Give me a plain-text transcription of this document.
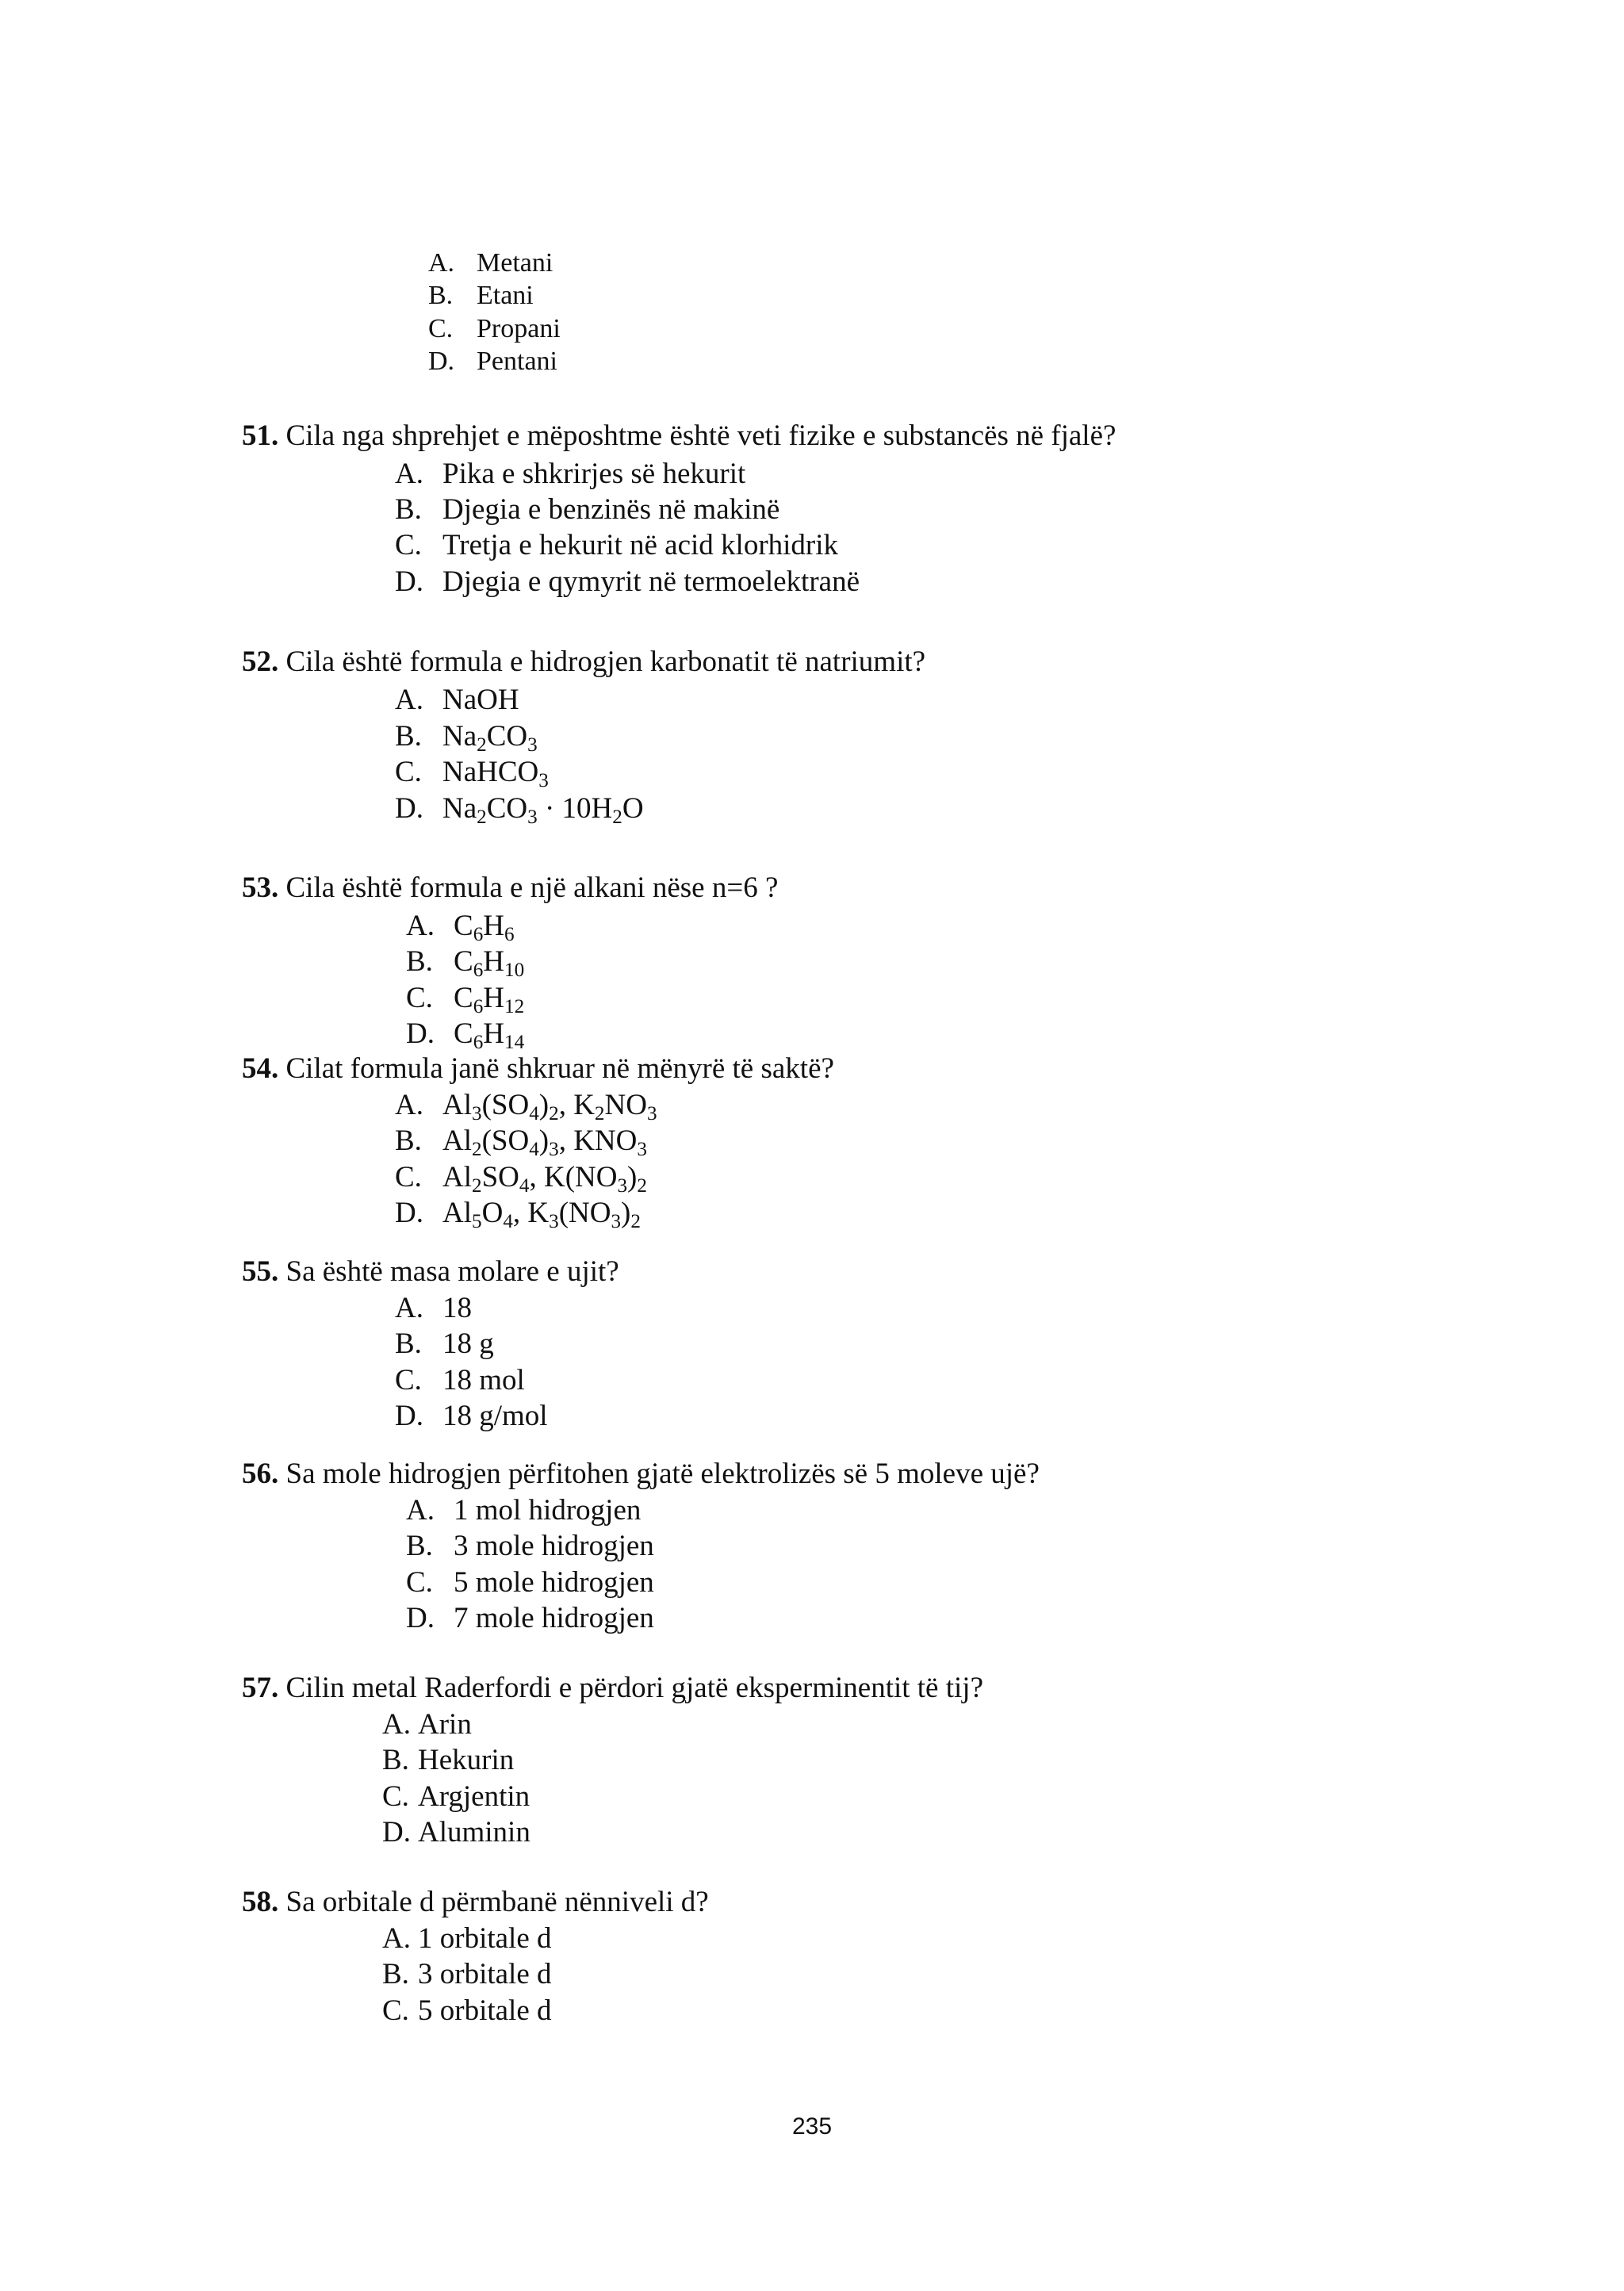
A. Metani
B. Etani
C. Propani
D. Pentani
51. Cila nga shprehjet e mëposhtme është veti fizike e substancës në fjalë?
A. Pika e shkrirjes së hekurit
B. Djegia e benzinës në makinë
C. Tretja e hekurit në acid klorhidrik
D. Djegia e qymyrit në termoelektranë
52. Cila është formula e hidrogjen karbonatit të natriumit?
A. NaOH
B. $Na_2CO_3$
C. NaHCO$_3$
D. $Na_2CO_3 \cdot 10H_2O$
53. Cila është formula e një alkani nëse n=6 ?
A. $C_6H_6$
B. $C_6H_{10}$
C. $C_6H_{12}$
D. $C_6H_{14}$
54. Cilat formula janë shkruar në mënyrë të saktë?
A. $Al_3(SO_4)_2$, $K_2NO_3$
B. $Al_2(SO_4)_3$, $KNO_3$
C. $Al_2SO_4$, $K(NO_3)_2$
D. $Al_5O_4$, $K_3(NO_3)_2$
55. Sa është masa molare e ujit?
A. 18
B. 18 g
C. 18 mol
D. 18 g/mol
56. Sa mole hidrogjen përfitohen gjatë elektrolizës së 5 moleve ujë?
A. 1 mol hidrogjen
B. 3 mole hidrogjen
C. 5 mole hidrogjen
D. 7 mole hidrogjen
57. Cilin metal Raderfordi e përdori gjatë eksperminentit të tij?
A. Arin
B. Hekurin
C. Argjentin
D. Aluminin
58. Sa orbitale d përmbanë nënniveli d?
A. 1 orbitale d
B. 3 orbitale d
C. 5 orbitale d
235
